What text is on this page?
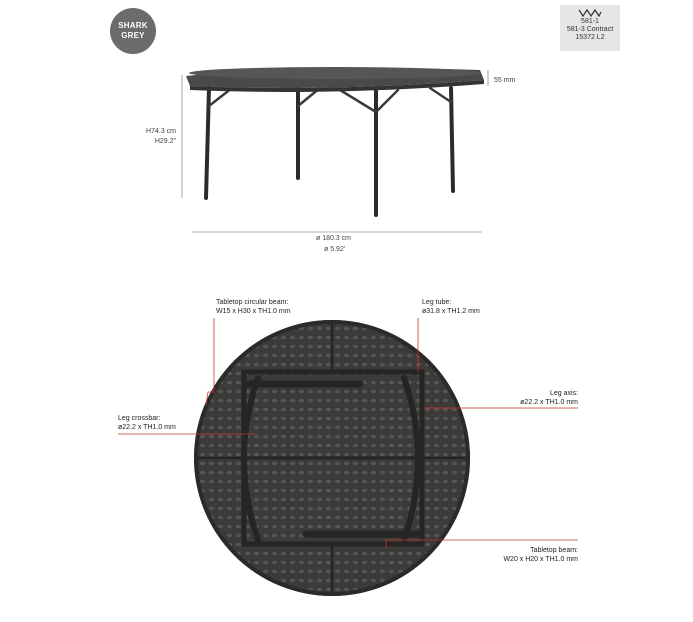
SHARK
GREY
581-1
581-3 Contract
15372 L2
55 mm
H74.3 cm
H29.2"
ø 180.3 cm
ø 5.92'
Tabletop circular beam:
W15 x H30 x TH1.0 mm
Leg tube:
ø31.8 x TH1.2 mm
Leg axis:
ø22.2 x TH1.0 mm
Leg crossbar:
ø22.2 x TH1.0 mm
Tabletop beam:
W20 x H20 x TH1.0 mm
